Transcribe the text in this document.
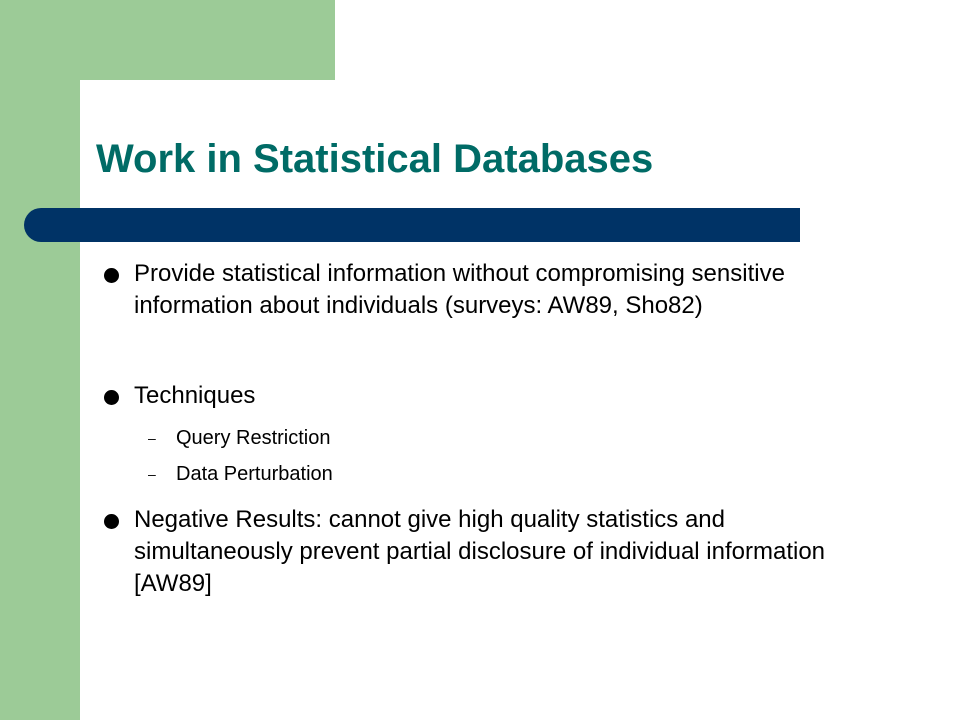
Work in Statistical Databases
Provide statistical information without compromising sensitive information about individuals (surveys: AW89, Sho82)
Techniques
– Query Restriction
– Data Perturbation
Negative Results: cannot give high quality statistics and simultaneously prevent partial disclosure of individual information [AW89]
